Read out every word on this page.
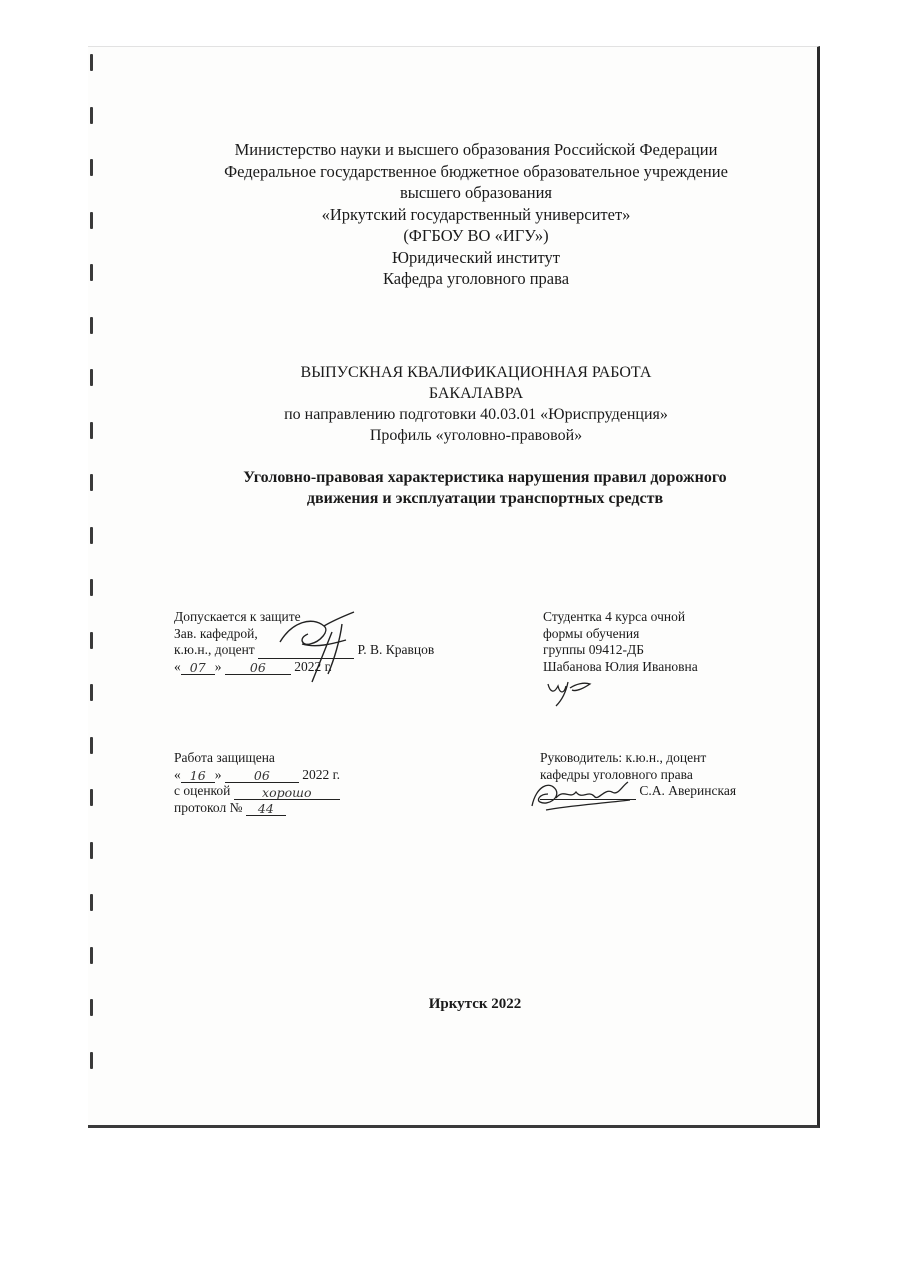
Министерство науки и высшего образования Российской Федерации
Федеральное государственное бюджетное образовательное учреждение
высшего образования
«Иркутский государственный университет»
(ФГБОУ ВО «ИГУ»)
Юридический институт
Кафедра уголовного права
ВЫПУСКНАЯ КВАЛИФИКАЦИОННАЯ РАБОТА
БАКАЛАВРА
по направлению подготовки 40.03.01 «Юриспруденция»
Профиль «уголовно-правовой»
Уголовно-правовая характеристика нарушения правил дорожного
движения и эксплуатации транспортных средств
Допускается к защите
Зав. кафедрой,
к.ю.н., доцент	Р. В. Кравцов
« 07 » 06 2022 г.
Студентка 4 курса очной
формы обучения
группы 09412-ДБ
Шабанова Юлия Ивановна
Работа защищена
« 16 »	06 2022 г.
с оценкой	хорошо
протокол № 44
Руководитель: к.ю.н., доцент
кафедры уголовного права
С.А. Аверинская
Иркутск 2022
